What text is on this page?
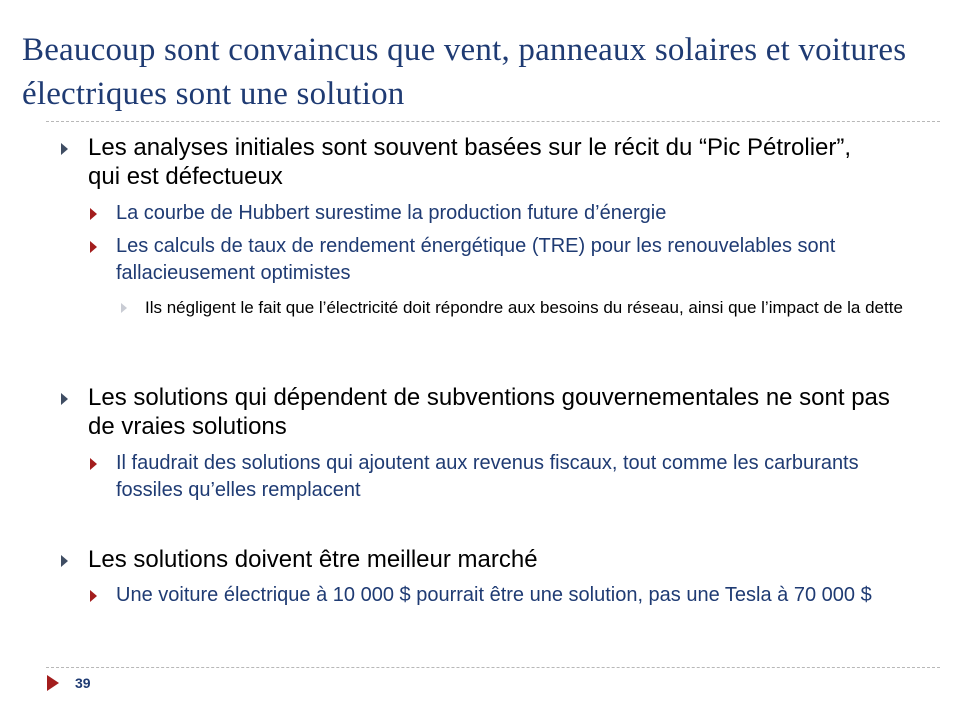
Beaucoup sont convaincus que vent, panneaux solaires et voitures électriques sont une solution

Les analyses initiales sont souvent basées sur le récit du “Pic Pétrolier”, qui est défectueux

La courbe de Hubbert surestime la production future d’énergie

Les calculs de taux de rendement énergétique (TRE) pour les renouvelables sont fallacieusement optimistes

Ils négligent le fait que l’électricité doit répondre aux besoins du réseau, ainsi que l’impact de la dette

Les solutions qui dépendent de subventions gouvernementales ne sont pas de vraies solutions

Il faudrait des solutions qui ajoutent aux revenus fiscaux, tout comme les carburants fossiles qu’elles remplacent

Les solutions doivent être meilleur marché

Une voiture électrique à 10 000 $ pourrait être une solution, pas une Tesla à 70 000 $

39
